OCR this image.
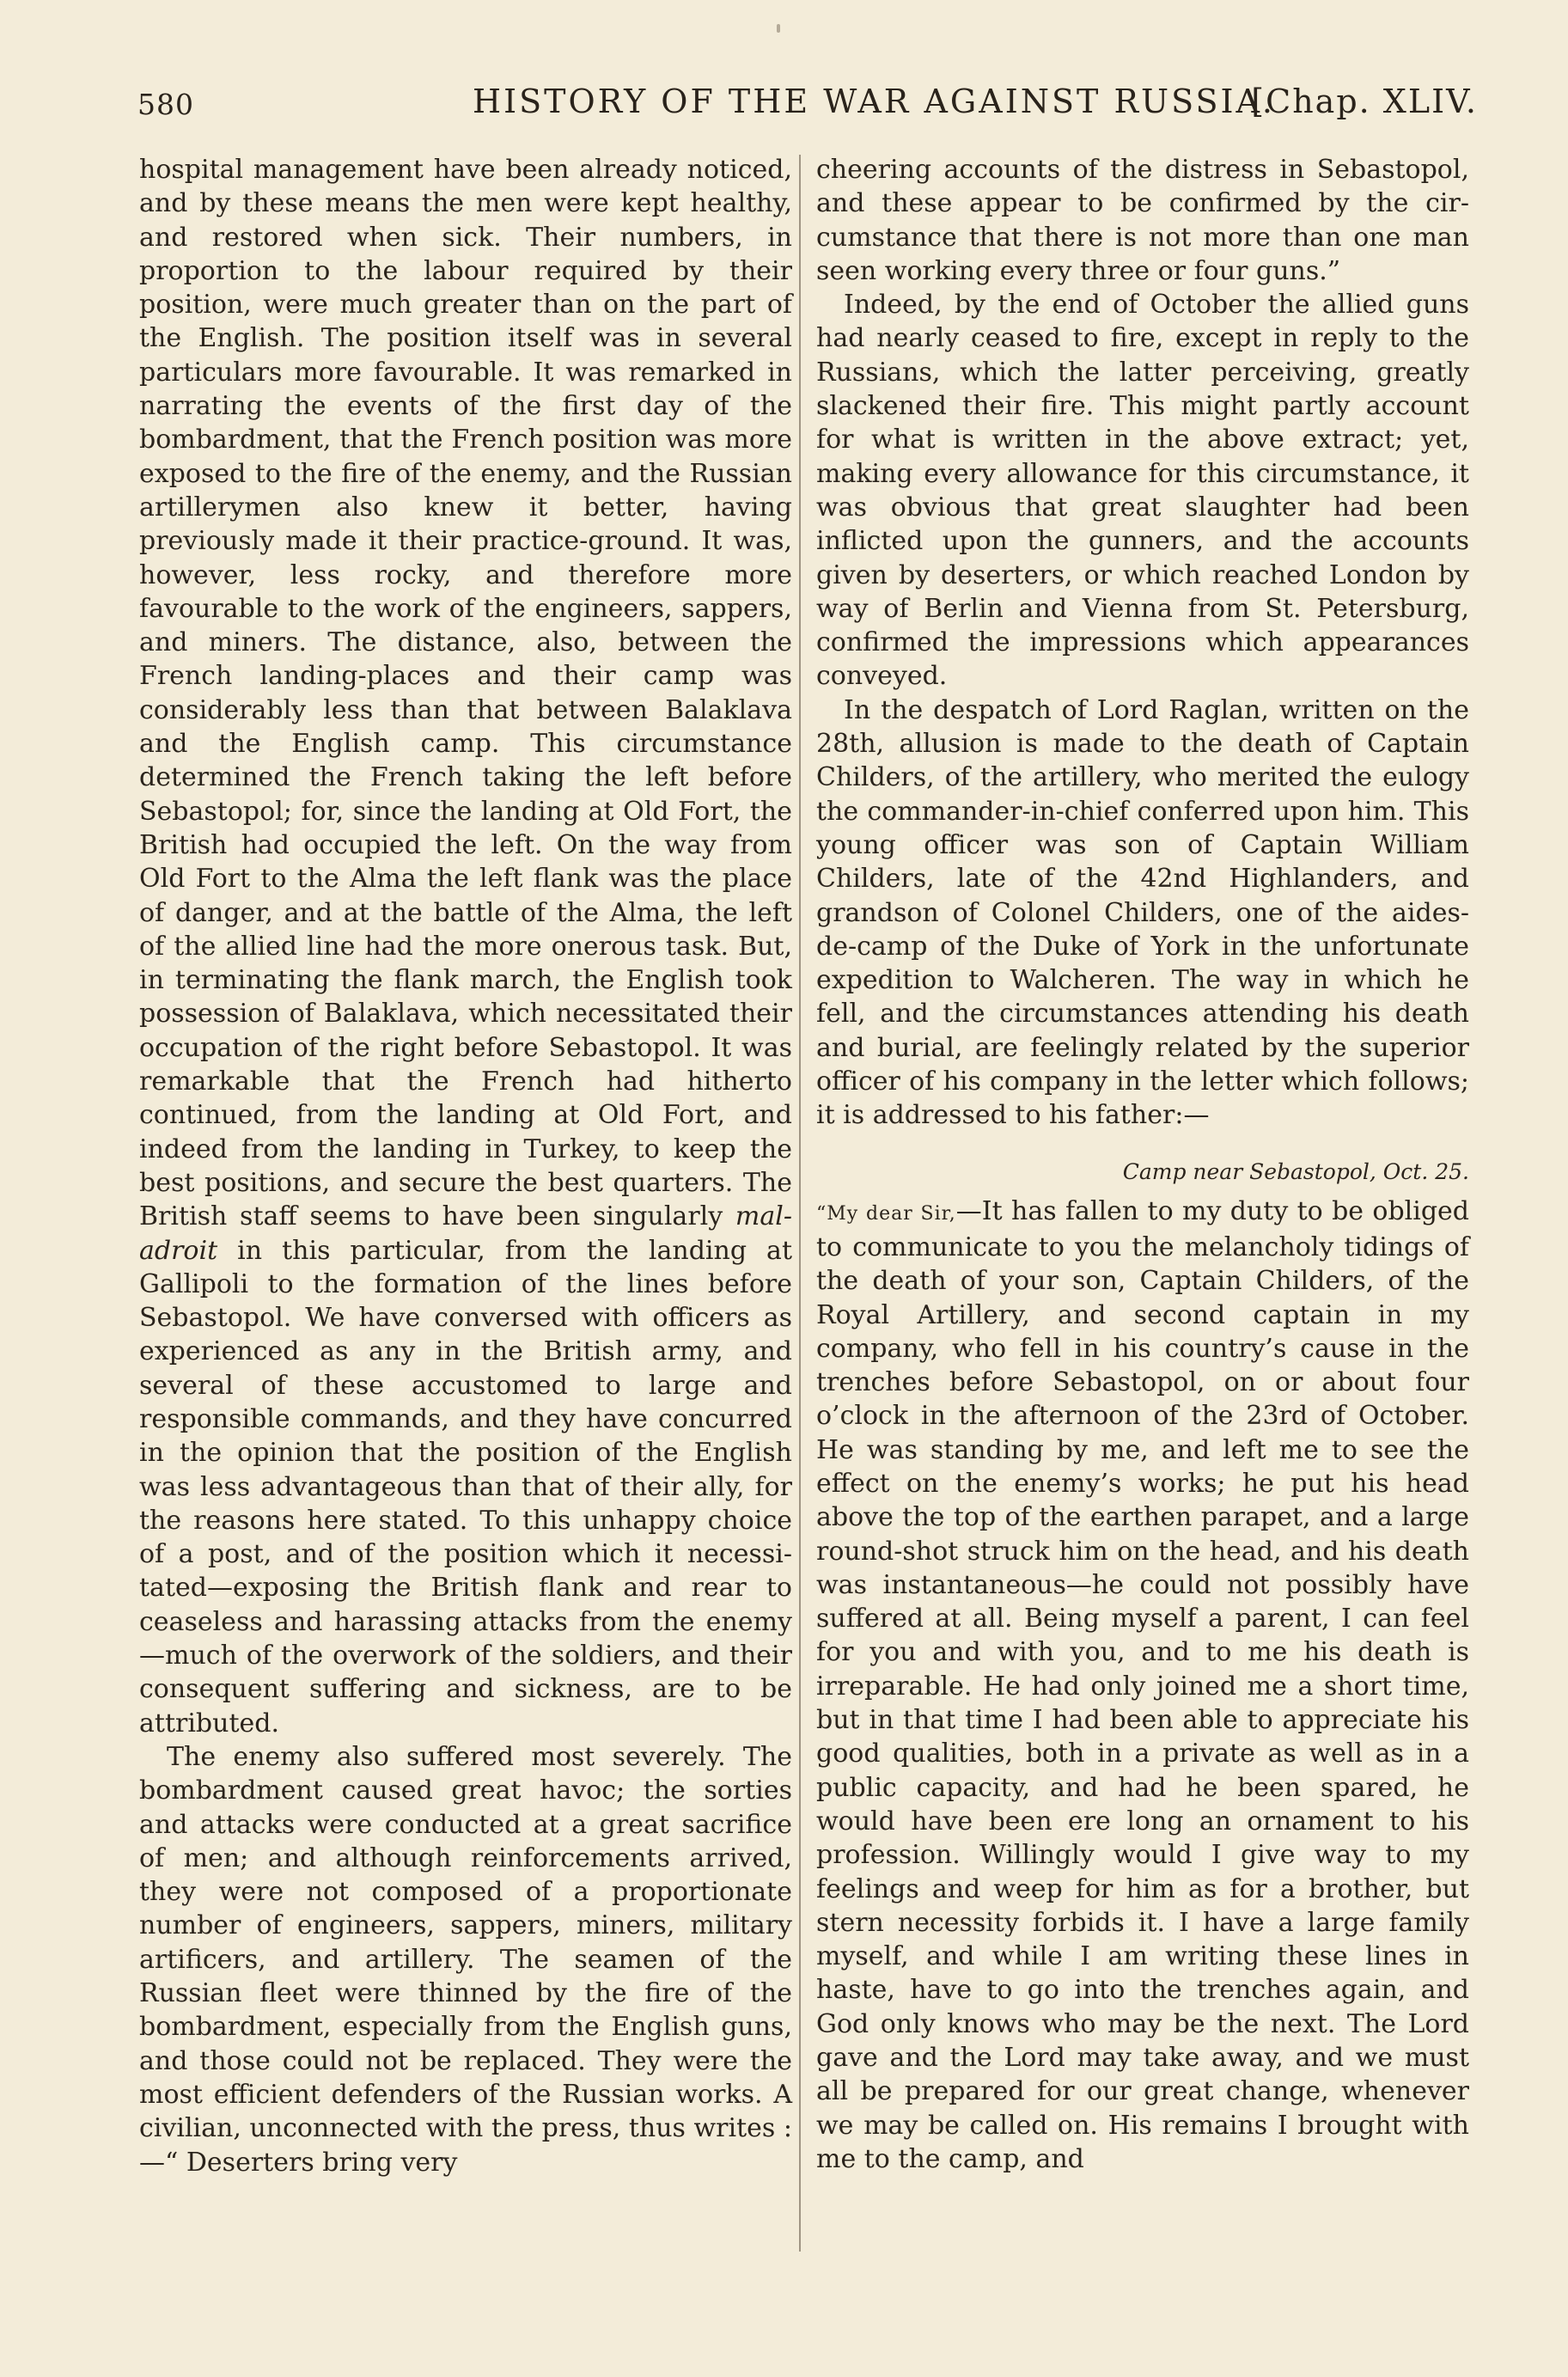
580	HISTORY OF THE WAR AGAINST RUSSIA.
[Chap. XLIV.

hospital management have been already noticed, and by these means the men were kept healthy, and restored when sick. Their numbers, in proportion to the labour required by their position, were much greater than on the part of the English. The position itself was in several particulars more favourable. It was remarked in narrating the events of the first day of the bombardment, that the French position was more exposed to the fire of the enemy, and the Russian artillerymen also knew it better, having previously made it their practice-ground. It was, however, less rocky, and therefore more favourable to the work of the engineers, sappers, and miners. The distance, also, between the French landing-places and their camp was considerably less than that between Balaklava and the English camp. This circumstance determined the French taking the left before Sebastopol; for, since the landing at Old Fort, the British had occupied the left. On the way from Old Fort to the Alma the left flank was the place of danger, and at the battle of the Alma, the left of the allied line had the more onerous task. But, in terminating the flank march, the English took possession of Balaklava, which necessitated their occupation of the right before Sebastopol. It was remarkable that the French had hitherto continued, from the landing at Old Fort, and indeed from the landing in Turkey, to keep the best positions, and secure the best quarters. The British staff seems to have been singularly mal-adroit in this particular, from the landing at Gallipoli to the formation of the lines before Sebastopol. We have conversed with officers as experienced as any in the British army, and several of these accustomed to large and responsible commands, and they have concurred in the opinion that the position of the English was less advantageous than that of their ally, for the reasons here stated. To this unhappy choice of a post, and of the position which it necessitated—exposing the British flank and rear to ceaseless and harassing attacks from the enemy —much of the overwork of the soldiers, and their consequent suffering and sickness, are to be attributed.

The enemy also suffered most severely. The bombardment caused great havoc; the sorties and attacks were conducted at a great sacrifice of men; and although reinforcements arrived, they were not composed of a proportionate number of engineers, sappers, miners, military artificers, and artillery. The seamen of the Russian fleet were thinned by the fire of the bombardment, especially from the English guns, and those could not be replaced. They were the most efficient defenders of the Russian works. A civilian, unconnected with the press, thus writes :—“ Deserters bring very

cheering accounts of the distress in Sebastopol, and these appear to be confirmed by the circumstance that there is not more than one man seen working every three or four guns.”

Indeed, by the end of October the allied guns had nearly ceased to fire, except in reply to the Russians, which the latter perceiving, greatly slackened their fire. This might partly account for what is written in the above extract; yet, making every allowance for this circumstance, it was obvious that great slaughter had been inflicted upon the gunners, and the accounts given by deserters, or which reached London by way of Berlin and Vienna from St. Petersburg, confirmed the impressions which appearances conveyed.

In the despatch of Lord Raglan, written on the 28th, allusion is made to the death of Captain Childers, of the artillery, who merited the eulogy the commander-in-chief conferred upon him. This young officer was son of Captain William Childers, late of the 42nd Highlanders, and grandson of Colonel Childers, one of the aides-de-camp of the Duke of York in the unfortunate expedition to Walcheren. The way in which he fell, and the circumstances attending his death and burial, are feelingly related by the superior officer of his company in the letter which follows; it is addressed to his father:—

Camp near Sebastopol, Oct. 25.

“My dear Sir,—It has fallen to my duty to be obliged to communicate to you the melancholy tidings of the death of your son, Captain Childers, of the Royal Artillery, and second captain in my company, who fell in his country’s cause in the trenches before Sebastopol, on or about four o’clock in the afternoon of the 23rd of October. He was standing by me, and left me to see the effect on the enemy’s works; he put his head above the top of the earthen parapet, and a large round-shot struck him on the head, and his death was instantaneous—he could not possibly have suffered at all. Being myself a parent, I can feel for you and with you, and to me his death is irreparable. He had only joined me a short time, but in that time I had been able to appreciate his good qualities, both in a private as well as in a public capacity, and had he been spared, he would have been ere long an ornament to his profession. Willingly would I give way to my feelings and weep for him as for a brother, but stern necessity forbids it. I have a large family myself, and while I am writing these lines in haste, have to go into the trenches again, and God only knows who may be the next. The Lord gave and the Lord may take away, and we must all be prepared for our great change, whenever we may be called on. His remains I brought with me to the camp, and
